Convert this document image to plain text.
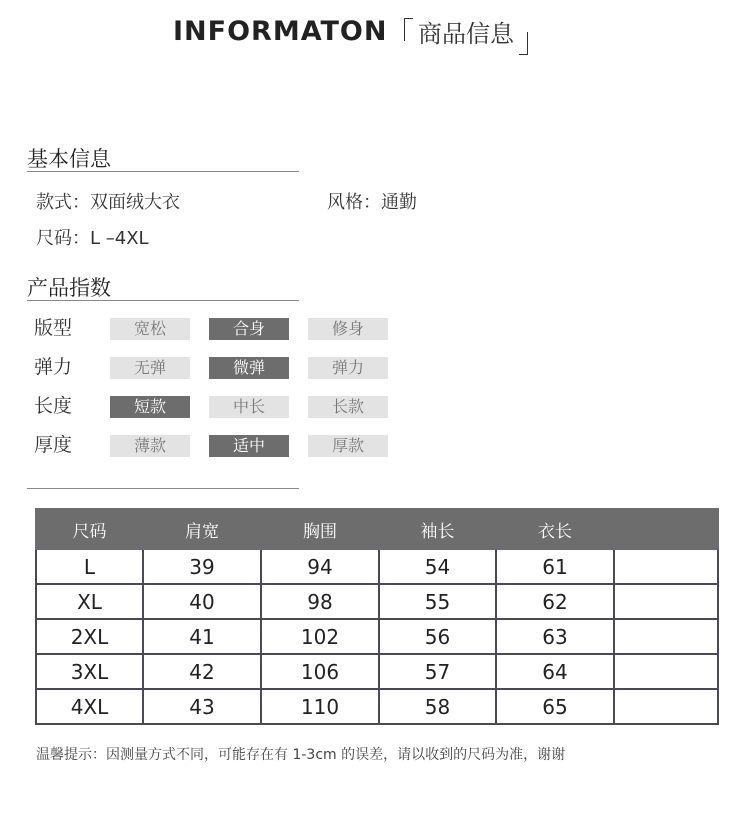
INFORMATON	商品信息
基本信息
款式：双面绒大衣	风格：通勤
尺码：L –4XL
产品指数
版型	宽松	合身	修身
弹力	无弹	微弹	弹力
长度	短款	中长	长款
厚度	薄款	适中	厚款
尺码	肩宽	胸围	袖长	衣长	
L	39	94	54	61	
XL	40	98	55	62	
2XL	41	102	56	63	
3XL	42	106	57	64	
4XL	43	110	58	65	
温馨提示：因测量方式不同，可能存在有 1-3cm 的误差，请以收到的尺码为准，谢谢
